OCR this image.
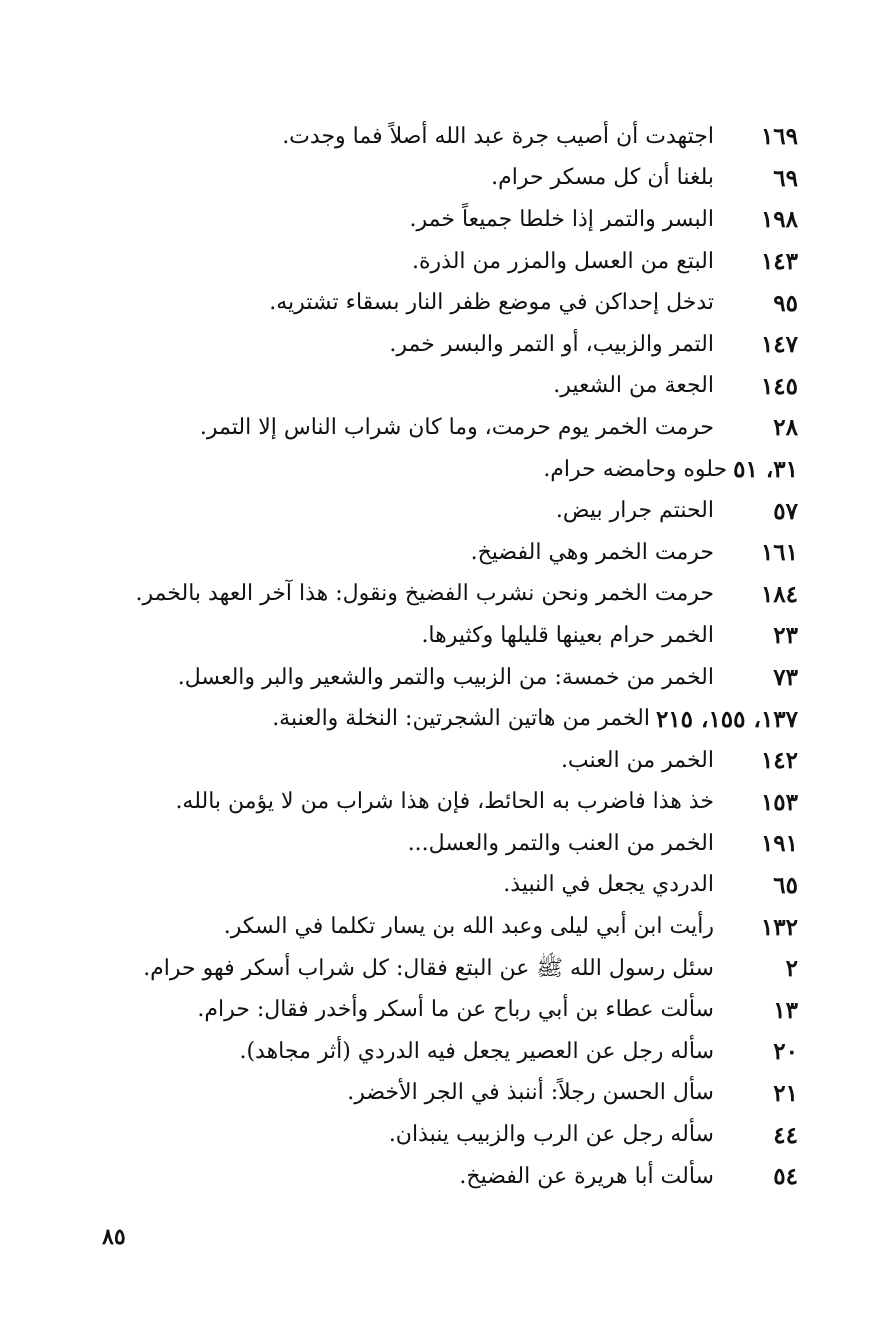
١٦٩
اجتهدت أن أصيب جرة عبد الله أصلاً فما وجدت.
٦٩
بلغنا أن كل مسكر حرام.
١٩٨
البسر والتمر إذا خلطا جميعاً خمر.
١٤٣
البتع من العسل والمزر من الذرة.
٩٥
تدخل إحداكن في موضع ظفر النار بسقاء تشتريه.
١٤٧
التمر والزبيب، أو التمر والبسر خمر.
١٤٥
الجعة من الشعير.
٢٨
حرمت الخمر يوم حرمت، وما كان شراب الناس إلا التمر.
٣١، ٥١
حلوه وحامضه حرام.
٥٧
الحنتم جرار بيض.
١٦١
حرمت الخمر وهي الفضيخ.
١٨٤
حرمت الخمر ونحن نشرب الفضيخ ونقول: هذا آخر العهد بالخمر.
٢٣
الخمر حرام بعينها قليلها وكثيرها.
٧٣
الخمر من خمسة: من الزبيب والتمر والشعير والبر والعسل.
١٣٧، ١٥٥، ٢١٥
الخمر من هاتين الشجرتين: النخلة والعنبة.
١٤٢
الخمر من العنب.
١٥٣
خذ هذا فاضرب به الحائط، فإن هذا شراب من لا يؤمن بالله.
١٩١
الخمر من العنب والتمر والعسل...
٦٥
الدردي يجعل في النبيذ.
١٣٢
رأيت ابن أبي ليلى وعبد الله بن يسار تكلما في السكر.
٢
سئل رسول الله ﷺ عن البتع فقال: كل شراب أسكر فهو حرام.
١٣
سألت عطاء بن أبي رباح عن ما أسكر وأخدر فقال: حرام.
٢٠
سأله رجل عن العصير يجعل فيه الدردي (أثر مجاهد).
٢١
سأل الحسن رجلاً: أننبذ في الجر الأخضر.
٤٤
سأله رجل عن الرب والزبيب ينبذان.
٥٤
سألت أبا هريرة عن الفضيخ.
٨٥
